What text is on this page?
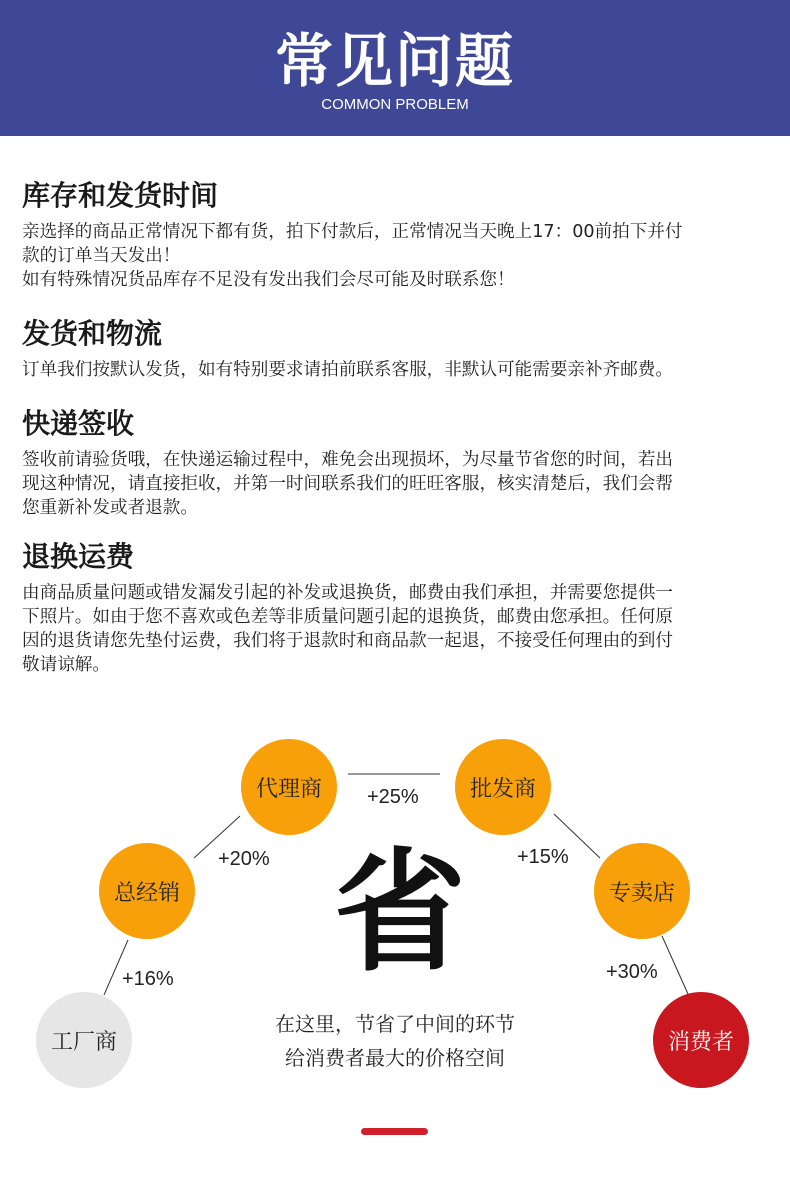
常见问题
COMMON PROBLEM
库存和发货时间

亲选择的商品正常情况下都有货，拍下付款后，正常情况当天晚上17：00前拍下并付
款的订单当天发出！
如有特殊情况货品库存不足没有发出我们会尽可能及时联系您！

发货和物流

订单我们按默认发货，如有特别要求请拍前联系客服，非默认可能需要亲补齐邮费。

快递签收

签收前请验货哦，在快递运输过程中，难免会出现损坏，为尽量节省您的时间，若出
现这种情况，请直接拒收，并第一时间联系我们的旺旺客服，核实清楚后，我们会帮
您重新补发或者退款。

退换运费

由商品质量问题或错发漏发引起的补发或退换货，邮费由我们承担，并需要您提供一
下照片。如由于您不喜欢或色差等非质量问题引起的退换货，邮费由您承担。任何原
因的退货请您先垫付运费，我们将于退款时和商品款一起退，不接受任何理由的到付
敬请谅解。

工厂商
总经销
代理商	批发商
专卖店
消费者
+16%
+20%
+25%
+15%
+30%
省
在这里，节省了中间的环节
给消费者最大的价格空间
